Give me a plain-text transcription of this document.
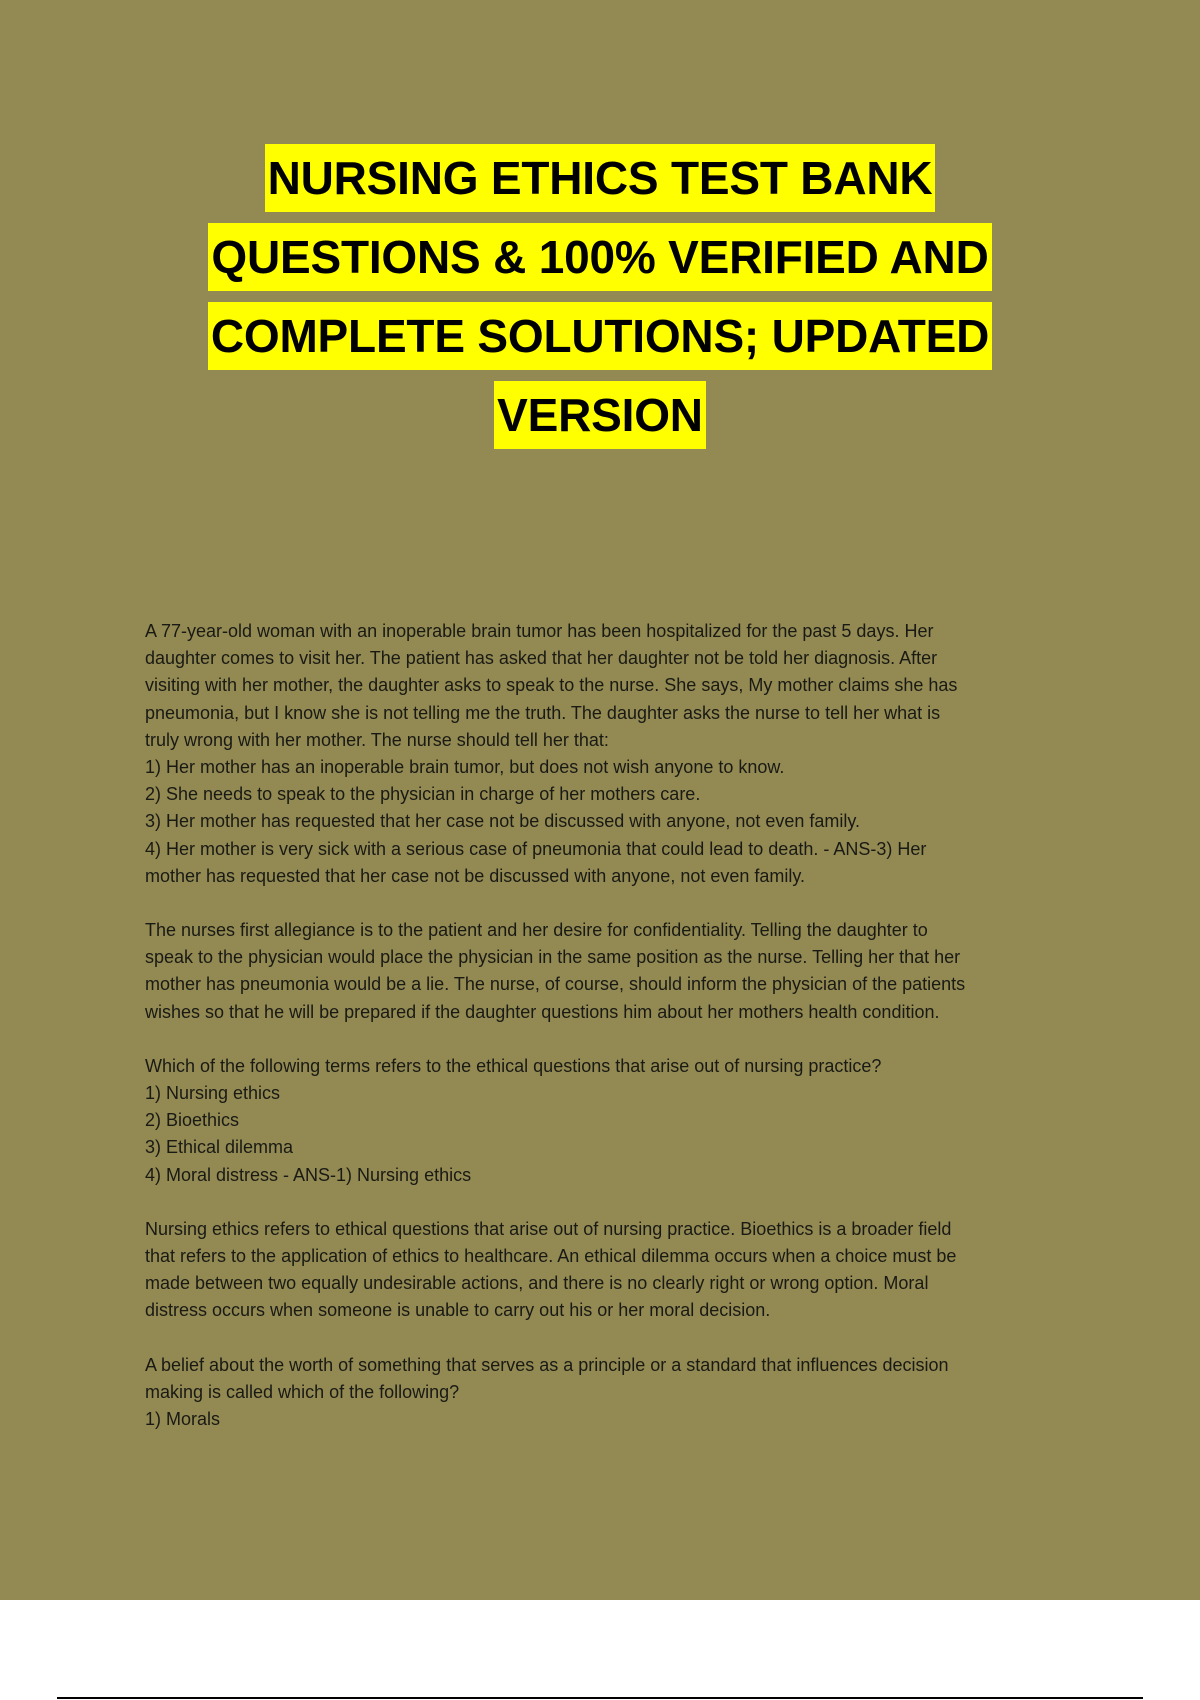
NURSING ETHICS TEST BANK
QUESTIONS & 100% VERIFIED AND
COMPLETE SOLUTIONS; UPDATED
VERSION

A 77-year-old woman with an inoperable brain tumor has been hospitalized for the past 5 days. Her

daughter comes to visit her. The patient has asked that her daughter not be told her diagnosis. After

visiting with her mother, the daughter asks to speak to the nurse. She says, My mother claims she has

pneumonia, but I know she is not telling me the truth. The daughter asks the nurse to tell her what is

truly wrong with her mother. The nurse should tell her that:

1) Her mother has an inoperable brain tumor, but does not wish anyone to know.

2) She needs to speak to the physician in charge of her mothers care.

3) Her mother has requested that her case not be discussed with anyone, not even family.

4) Her mother is very sick with a serious case of pneumonia that could lead to death. - ANS-3) Her

mother has requested that her case not be discussed with anyone, not even family.

The nurses first allegiance is to the patient and her desire for confidentiality. Telling the daughter to

speak to the physician would place the physician in the same position as the nurse. Telling her that her

mother has pneumonia would be a lie. The nurse, of course, should inform the physician of the patients

wishes so that he will be prepared if the daughter questions him about her mothers health condition.

Which of the following terms refers to the ethical questions that arise out of nursing practice?

1) Nursing ethics

2) Bioethics

3) Ethical dilemma

4) Moral distress - ANS-1) Nursing ethics

Nursing ethics refers to ethical questions that arise out of nursing practice. Bioethics is a broader field

that refers to the application of ethics to healthcare. An ethical dilemma occurs when a choice must be

made between two equally undesirable actions, and there is no clearly right or wrong option. Moral

distress occurs when someone is unable to carry out his or her moral decision.

A belief about the worth of something that serves as a principle or a standard that influences decision

making is called which of the following?

1) Morals
